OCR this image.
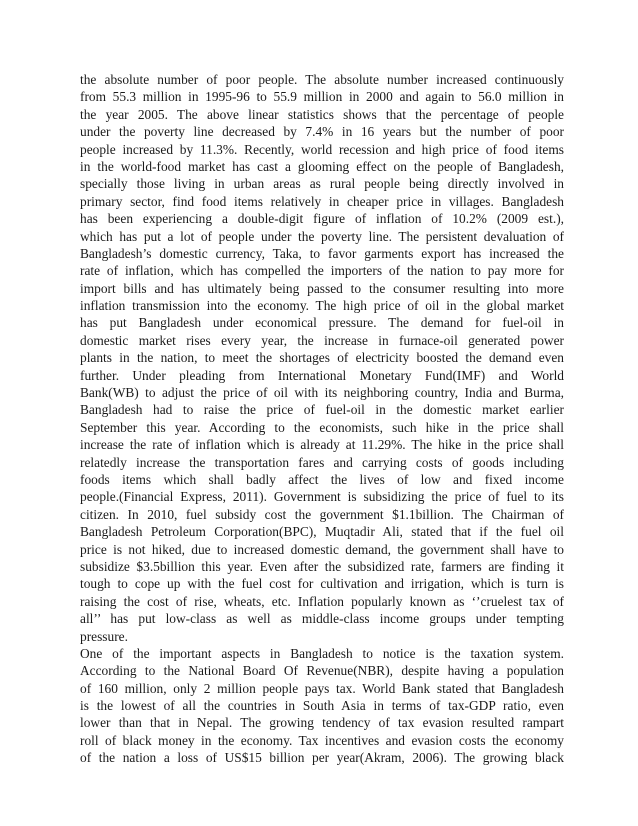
the absolute number of poor people. The absolute number increased continuously
from 55.3 million in 1995-96 to 55.9 million in 2000 and again to 56.0 million in
the year 2005. The above linear statistics shows that the percentage of people
under the poverty line decreased by 7.4% in 16 years but the number of poor
people increased by 11.3%. Recently, world recession and high price of food items
in the world-food market has cast a glooming effect on the people of Bangladesh,
specially those living in urban areas as rural people being directly involved in
primary sector, find food items relatively in cheaper price in villages. Bangladesh
has been experiencing a double-digit figure of inflation of 10.2% (2009 est.),
which has put a lot of people under the poverty line. The persistent devaluation of
Bangladesh’s domestic currency, Taka, to favor garments export has increased the
rate of inflation, which has compelled the importers of the nation to pay more for
import bills and has ultimately being passed to the consumer resulting into more
inflation transmission into the economy. The high price of oil in the global market
has put Bangladesh under economical pressure. The demand for fuel-oil in
domestic market rises every year, the increase in furnace-oil generated power
plants in the nation, to meet the shortages of electricity boosted the demand even
further. Under pleading from International Monetary Fund(IMF) and World
Bank(WB) to adjust the price of oil with its neighboring country, India and Burma,
Bangladesh had to raise the price of fuel-oil in the domestic market earlier
September this year. According to the economists, such hike in the price shall
increase the rate of inflation which is already at 11.29%. The hike in the price shall
relatedly increase the transportation fares and carrying costs of goods including
foods items which shall badly affect the lives of low and fixed income
people.(Financial Express, 2011). Government is subsidizing the price of fuel to its
citizen. In 2010, fuel subsidy cost the government $1.1billion. The Chairman of
Bangladesh Petroleum Corporation(BPC), Muqtadir Ali, stated that if the fuel oil
price is not hiked, due to increased domestic demand, the government shall have to
subsidize $3.5billion this year. Even after the subsidized rate, farmers are finding it
tough to cope up with the fuel cost for cultivation and irrigation, which is turn is
raising the cost of rise, wheats, etc. Inflation popularly known as ‘’cruelest tax of
all’’ has put low-class as well as middle-class income groups under tempting
pressure.

One of the important aspects in Bangladesh to notice is the taxation system.
According to the National Board Of Revenue(NBR), despite having a population
of 160 million, only 2 million people pays tax. World Bank stated that Bangladesh
is the lowest of all the countries in South Asia in terms of tax-GDP ratio, even
lower than that in Nepal. The growing tendency of tax evasion resulted rampart
roll of black money in the economy. Tax incentives and evasion costs the economy
of the nation a loss of US$15 billion per year(Akram, 2006). The growing black
